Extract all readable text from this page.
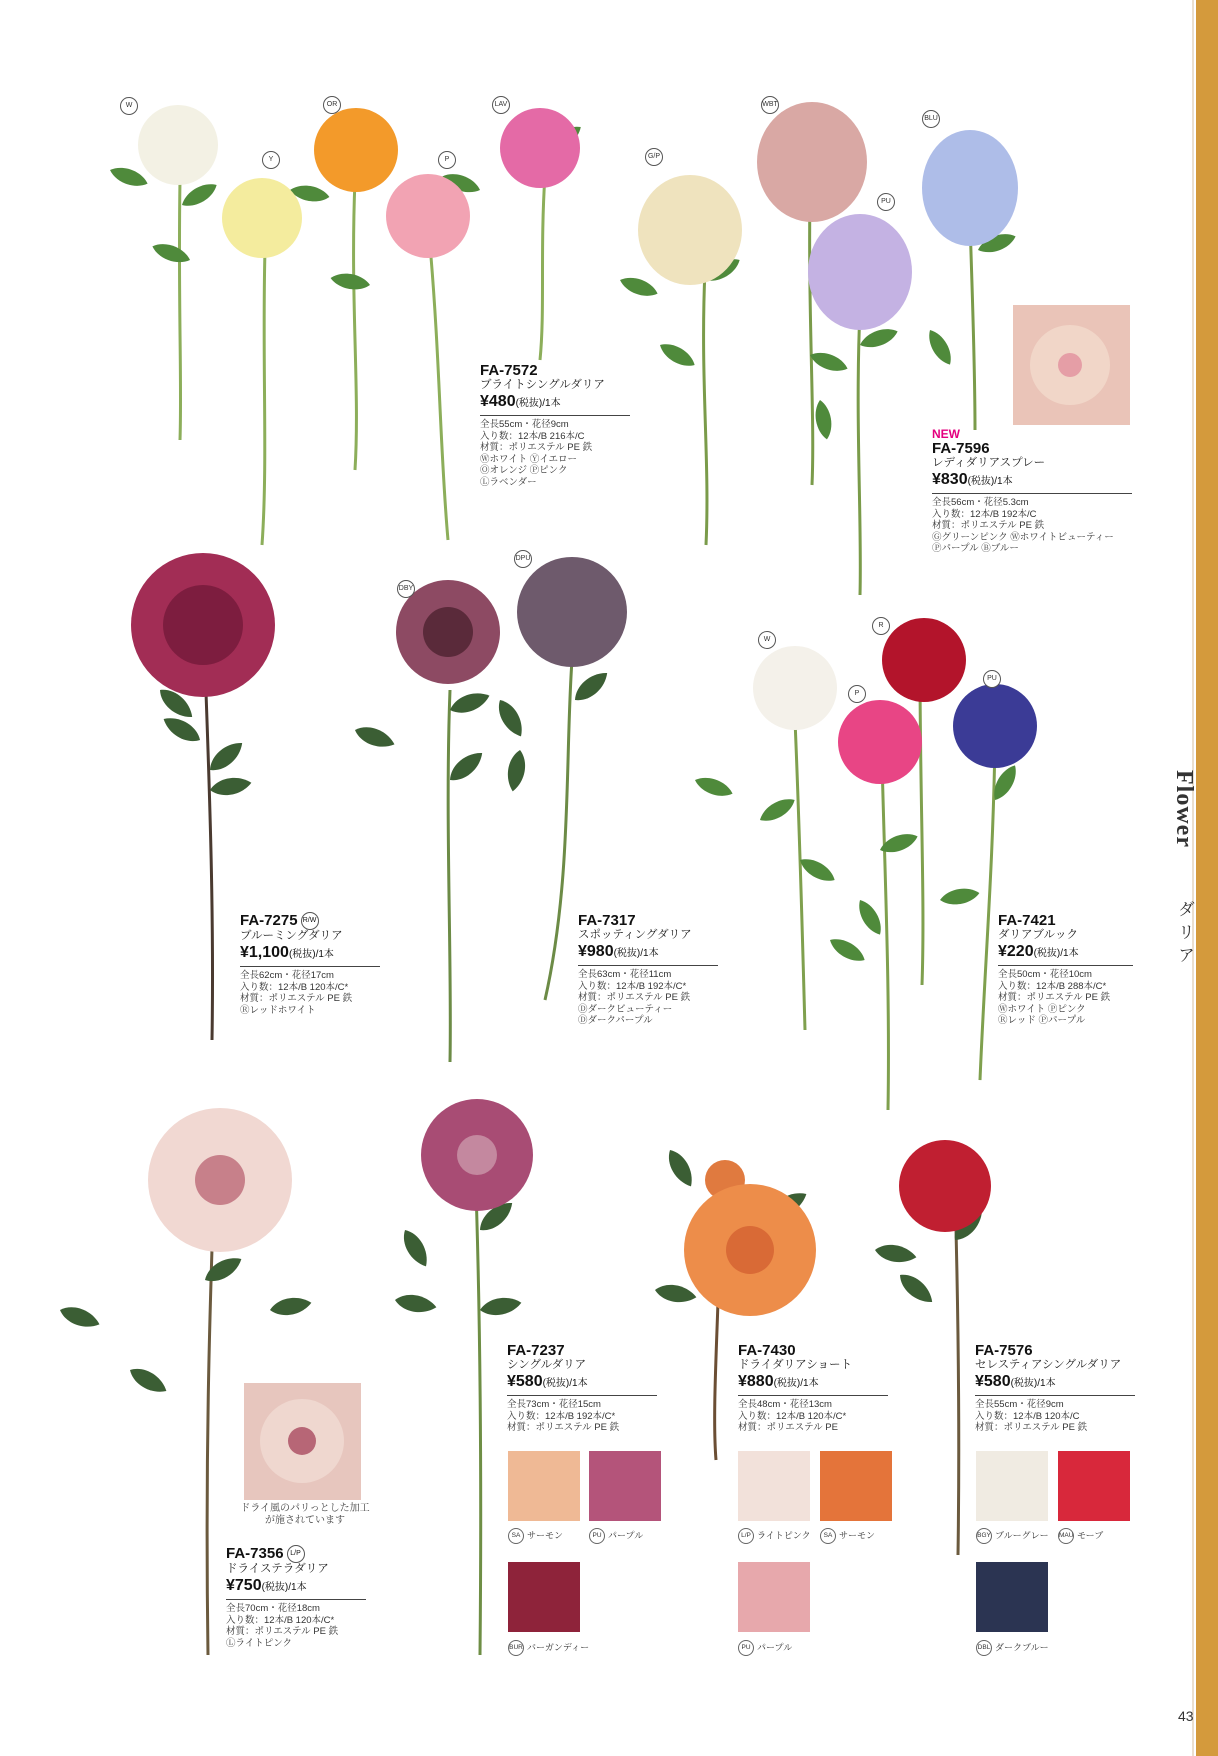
Flower
ダリア
43
W
Y
OR
P
LAV
G/P
WBT
PU
BLU
DBY
DPU
W
R
P
PU
FA-7572
ブライトシングルダリア
¥480(税抜)/1本
全長55cm・花径9cm
入り数：12本/B 216本/C
材質：ポリエステル PE 鉄
Ⓦホワイト Ⓨイエロー
Ⓞオレンジ Ⓟピンク
Ⓛラベンダー
NEW
FA-7596
レディダリアスプレー
¥830(税抜)/1本
全長56cm・花径5.3cm
入り数：12本/B 192本/C
材質：ポリエステル PE 鉄
Ⓖグリーンピンク Ⓦホワイトビューティー
Ⓟパープル Ⓑブルー
FA-7275 R/W
ブルーミングダリア
¥1,100(税抜)/1本
全長62cm・花径17cm
入り数：12本/B 120本/C*
材質：ポリエステル PE 鉄
Ⓡレッドホワイト
FA-7317
スポッティングダリア
¥980(税抜)/1本
全長63cm・花径11cm
入り数：12本/B 192本/C*
材質：ポリエステル PE 鉄
Ⓓダークビューティー
Ⓓダークパープル
FA-7421
ダリアブルック
¥220(税抜)/1本
全長50cm・花径10cm
入り数：12本/B 288本/C*
材質：ポリエステル PE 鉄
Ⓦホワイト Ⓟピンク
Ⓡレッド Ⓟパープル
ドライ風のパリっとした加工が施されています
FA-7356 L/P
ドライステラダリア
¥750(税抜)/1本
全長70cm・花径18cm
入り数：12本/B 120本/C*
材質：ポリエステル PE 鉄
Ⓛライトピンク
FA-7237
シングルダリア
¥580(税抜)/1本
全長73cm・花径15cm
入り数：12本/B 192本/C*
材質：ポリエステル PE 鉄
SA サーモン	PU パープル
BUR バーガンディー
FA-7430
ドライダリアショート
¥880(税抜)/1本
全長48cm・花径13cm
入り数：12本/B 120本/C*
材質：ポリエステル PE
L/P ライトピンク	SA サーモン
PU パープル
FA-7576
セレスティアシングルダリア
¥580(税抜)/1本
全長55cm・花径9cm
入り数：12本/B 120本/C
材質：ポリエステル PE 鉄
BGY ブルーグレー	MAU モーブ
DBL ダークブルー
